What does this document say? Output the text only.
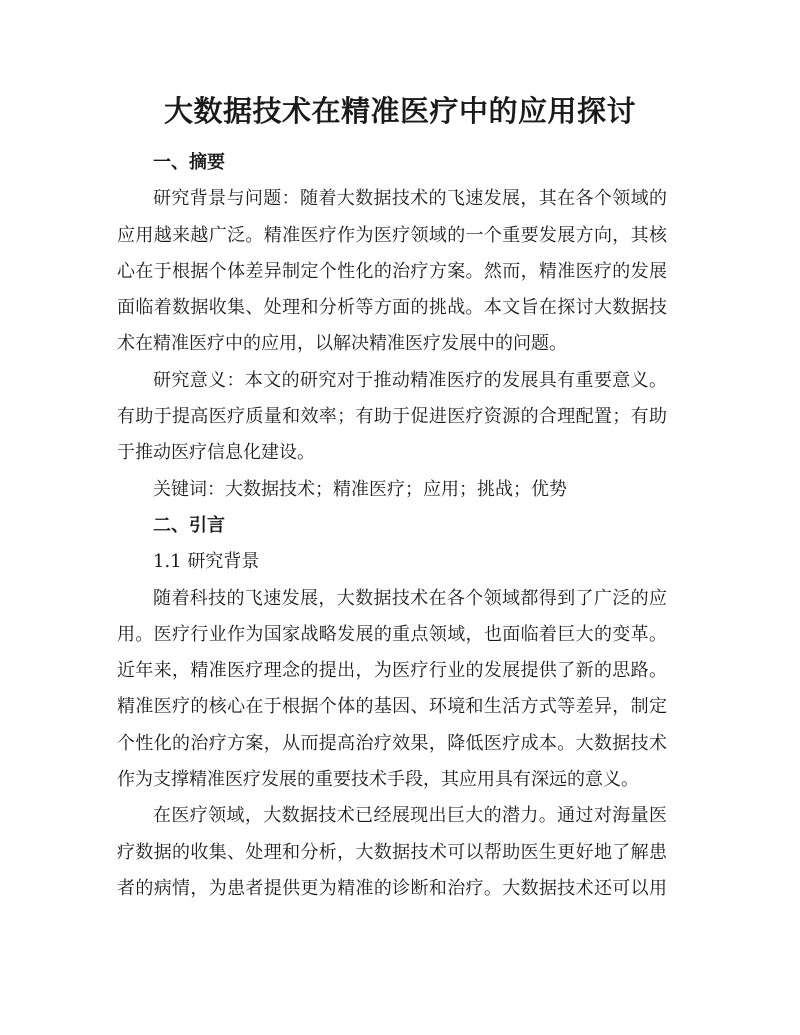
大数据技术在精准医疗中的应用探讨
一、摘要

研究背景与问题：随着大数据技术的飞速发展，其在各个领域的
应用越来越广泛。精准医疗作为医疗领域的一个重要发展方向，其核
心在于根据个体差异制定个性化的治疗方案。然而，精准医疗的发展
面临着数据收集、处理和分析等方面的挑战。本文旨在探讨大数据技
术在精准医疗中的应用，以解决精准医疗发展中的问题。

研究意义：本文的研究对于推动精准医疗的发展具有重要意义。
有助于提高医疗质量和效率；有助于促进医疗资源的合理配置；有助
于推动医疗信息化建设。

关键词：大数据技术；精准医疗；应用；挑战；优势
二、引言
1.1 研究背景

随着科技的飞速发展，大数据技术在各个领域都得到了广泛的应
用。医疗行业作为国家战略发展的重点领域，也面临着巨大的变革。
近年来，精准医疗理念的提出，为医疗行业的发展提供了新的思路。
精准医疗的核心在于根据个体的基因、环境和生活方式等差异，制定
个性化的治疗方案，从而提高治疗效果，降低医疗成本。大数据技术
作为支撑精准医疗发展的重要技术手段，其应用具有深远的意义。

在医疗领域，大数据技术已经展现出巨大的潜力。通过对海量医
疗数据的收集、处理和分析，大数据技术可以帮助医生更好地了解患
者的病情，为患者提供更为精准的诊断和治疗。大数据技术还可以用
